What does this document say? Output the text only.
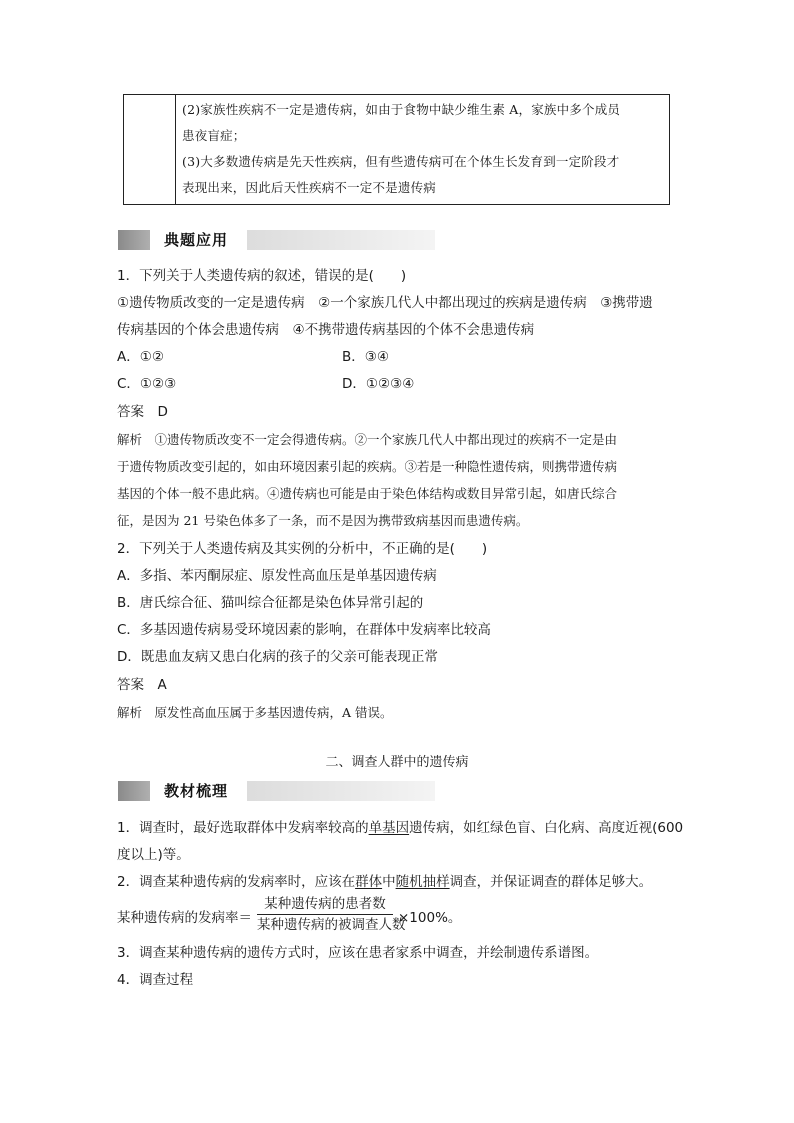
(2)家族性疾病不一定是遗传病，如由于食物中缺少维生素 A，家族中多个成员
患夜盲症；
(3)大多数遗传病是先天性疾病，但有些遗传病可在个体生长发育到一定阶段才
表现出来，因此后天性疾病不一定不是遗传病
典题应用
1．下列关于人类遗传病的叙述，错误的是(　　)
①遗传物质改变的一定是遗传病　②一个家族几代人中都出现过的疾病是遗传病　③携带遗
传病基因的个体会患遗传病　④不携带遗传病基因的个体不会患遗传病
A．①②	B．③④
C．①②③	D．①②③④
答案　D
解析　①遗传物质改变不一定会得遗传病。②一个家族几代人中都出现过的疾病不一定是由
于遗传物质改变引起的，如由环境因素引起的疾病。③若是一种隐性遗传病，则携带遗传病
基因的个体一般不患此病。④遗传病也可能是由于染色体结构或数目异常引起，如唐氏综合
征，是因为 21 号染色体多了一条，而不是因为携带致病基因而患遗传病。
2．下列关于人类遗传病及其实例的分析中，不正确的是(　　)
A．多指、苯丙酮尿症、原发性高血压是单基因遗传病
B．唐氏综合征、猫叫综合征都是染色体异常引起的
C．多基因遗传病易受环境因素的影响，在群体中发病率比较高
D．既患血友病又患白化病的孩子的父亲可能表现正常
答案　A
解析　原发性高血压属于多基因遗传病，A 错误。
二、调查人群中的遗传病
教材梳理
1．调查时，最好选取群体中发病率较高的单基因遗传病，如红绿色盲、白化病、高度近视(600
度以上)等。
2．调查某种遗传病的发病率时，应该在群体中随机抽样调查，并保证调查的群体足够大。
某种遗传病的发病率＝
某种遗传病的患者数
某种遗传病的被调查人数
×100%。
3．调查某种遗传病的遗传方式时，应该在患者家系中调查，并绘制遗传系谱图。
4．调查过程
